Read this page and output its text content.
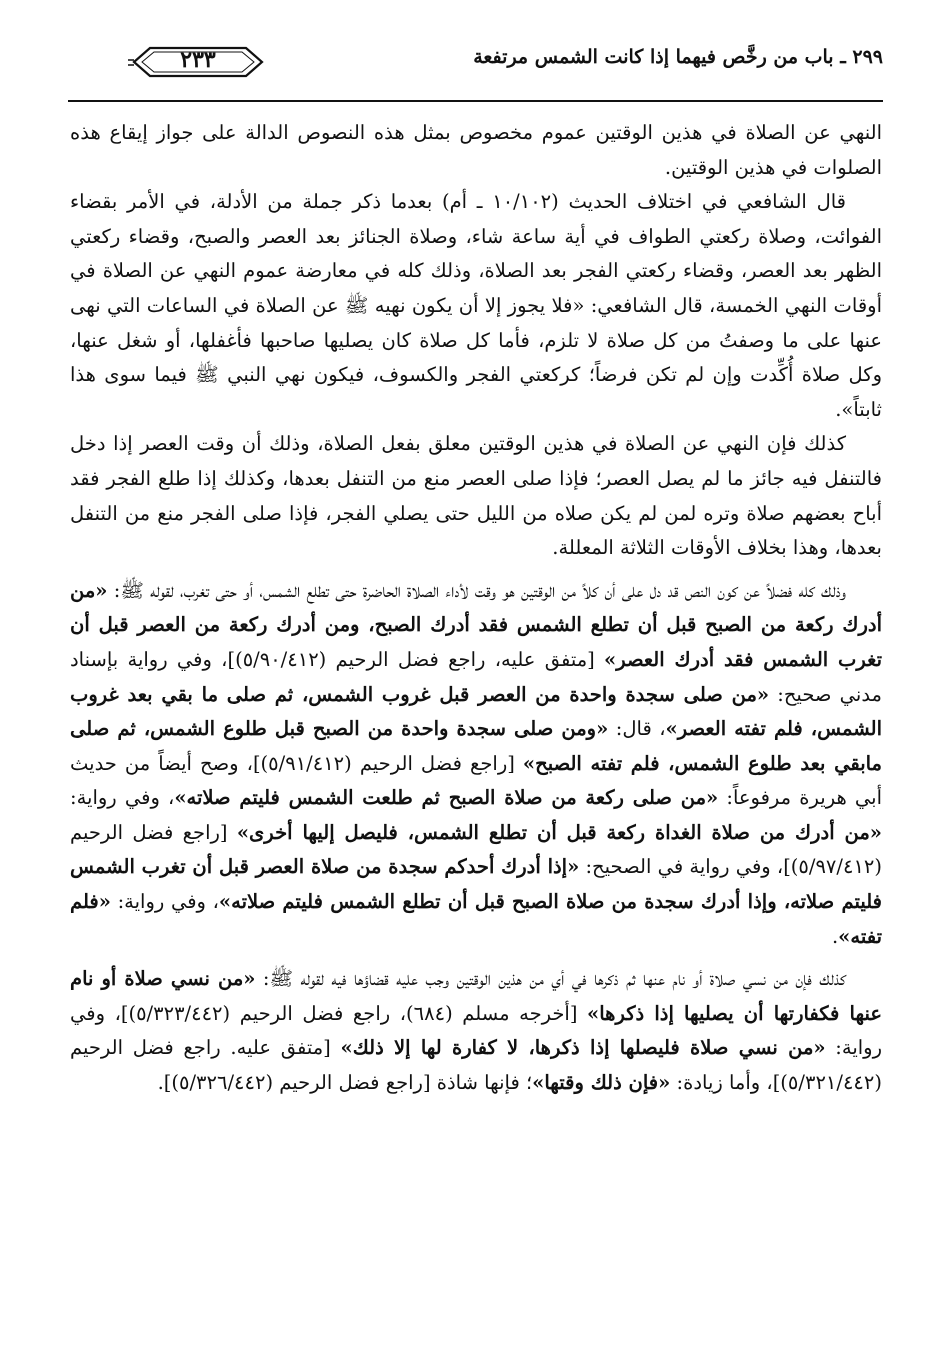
٢٩٩ ـ باب من رخَّص فيهما إذا كانت الشمس مرتفعة
٢٣٣

النهي عن الصلاة في هذين الوقتين عموم مخصوص بمثل هذه النصوص الدالة على جواز إيقاع هذه الصلوات في هذين الوقتين.

قال الشافعي في اختلاف الحديث (١٠/١٠٢ ـ أم) بعدما ذكر جملة من الأدلة، في الأمر بقضاء الفوائت، وصلاة ركعتي الطواف في أية ساعة شاء، وصلاة الجنائز بعد العصر والصبح، وقضاء ركعتي الظهر بعد العصر، وقضاء ركعتي الفجر بعد الصلاة، وذلك كله في معارضة عموم النهي عن الصلاة في أوقات النهي الخمسة، قال الشافعي: «فلا يجوز إلا أن يكون نهيه ﷺ عن الصلاة في الساعات التي نهى عنها على ما وصفتُ من كل صلاة لا تلزم، فأما كل صلاة كان يصليها صاحبها فأغفلها، أو شغل عنها، وكل صلاة أُكِّدت وإن لم تكن فرضاً؛ كركعتي الفجر والكسوف، فيكون نهي النبي ﷺ فيما سوى هذا ثابتاً».

كذلك فإن النهي عن الصلاة في هذين الوقتين معلق بفعل الصلاة، وذلك أن وقت العصر إذا دخل فالتنفل فيه جائز ما لم يصل العصر؛ فإذا صلى العصر منع من التنفل بعدها، وكذلك إذا طلع الفجر فقد أباح بعضهم صلاة وتره لمن لم يكن صلاه من الليل حتى يصلي الفجر، فإذا صلى الفجر منع من التنفل بعدها، وهذا بخلاف الأوقات الثلاثة المعللة.

وذلك كله فضلاً عن كون النص قد دل على أن كلاً من الوقتين هو وقت لأداء الصلاة الحاضرة حتى تطلع الشمس، أو حتى تغرب، لقوله ﷺ: «من أدرك ركعة من الصبح قبل أن تطلع الشمس فقد أدرك الصبح، ومن أدرك ركعة من العصر قبل أن تغرب الشمس فقد أدرك العصر» [متفق عليه، راجع فضل الرحيم (٥/٩٠/٤١٢)]، وفي رواية بإسناد مدني صحيح: «من صلى سجدة واحدة من العصر قبل غروب الشمس، ثم صلى ما بقي بعد غروب الشمس، فلم تفته العصر»، قال: «ومن صلى سجدة واحدة من الصبح قبل طلوع الشمس، ثم صلى مابقي بعد طلوع الشمس، فلم تفته الصبح» [راجع فضل الرحيم (٥/٩١/٤١٢)]، وصح أيضاً من حديث أبي هريرة مرفوعاً: «من صلى ركعة من صلاة الصبح ثم طلعت الشمس فليتم صلاته»، وفي رواية: «من أدرك من صلاة الغداة ركعة قبل أن تطلع الشمس، فليصل إليها أخرى» [راجع فضل الرحيم (٥/٩٧/٤١٢)]، وفي رواية في الصحيح: «إذا أدرك أحدكم سجدة من صلاة العصر قبل أن تغرب الشمس فليتم صلاته، وإذا أدرك سجدة من صلاة الصبح قبل أن تطلع الشمس فليتم صلاته»، وفي رواية: «فلم تفته».

كذلك فإن من نسي صلاة أو نام عنها ثم ذكرها في أي من هذين الوقتين وجب عليه قضاؤها فيه لقوله ﷺ: «من نسي صلاة أو نام عنها فكفارتها أن يصليها إذا ذكرها» [أخرجه مسلم (٦٨٤)، راجع فضل الرحيم (٥/٣٢٣/٤٤٢)]، وفي رواية: «من نسي صلاة فليصلها إذا ذكرها، لا كفارة لها إلا ذلك» [متفق عليه. راجع فضل الرحيم (٥/٣٢١/٤٤٢)]، وأما زيادة: «فإن ذلك وقتها»؛ فإنها شاذة [راجع فضل الرحيم (٥/٣٢٦/٤٤٢)].
